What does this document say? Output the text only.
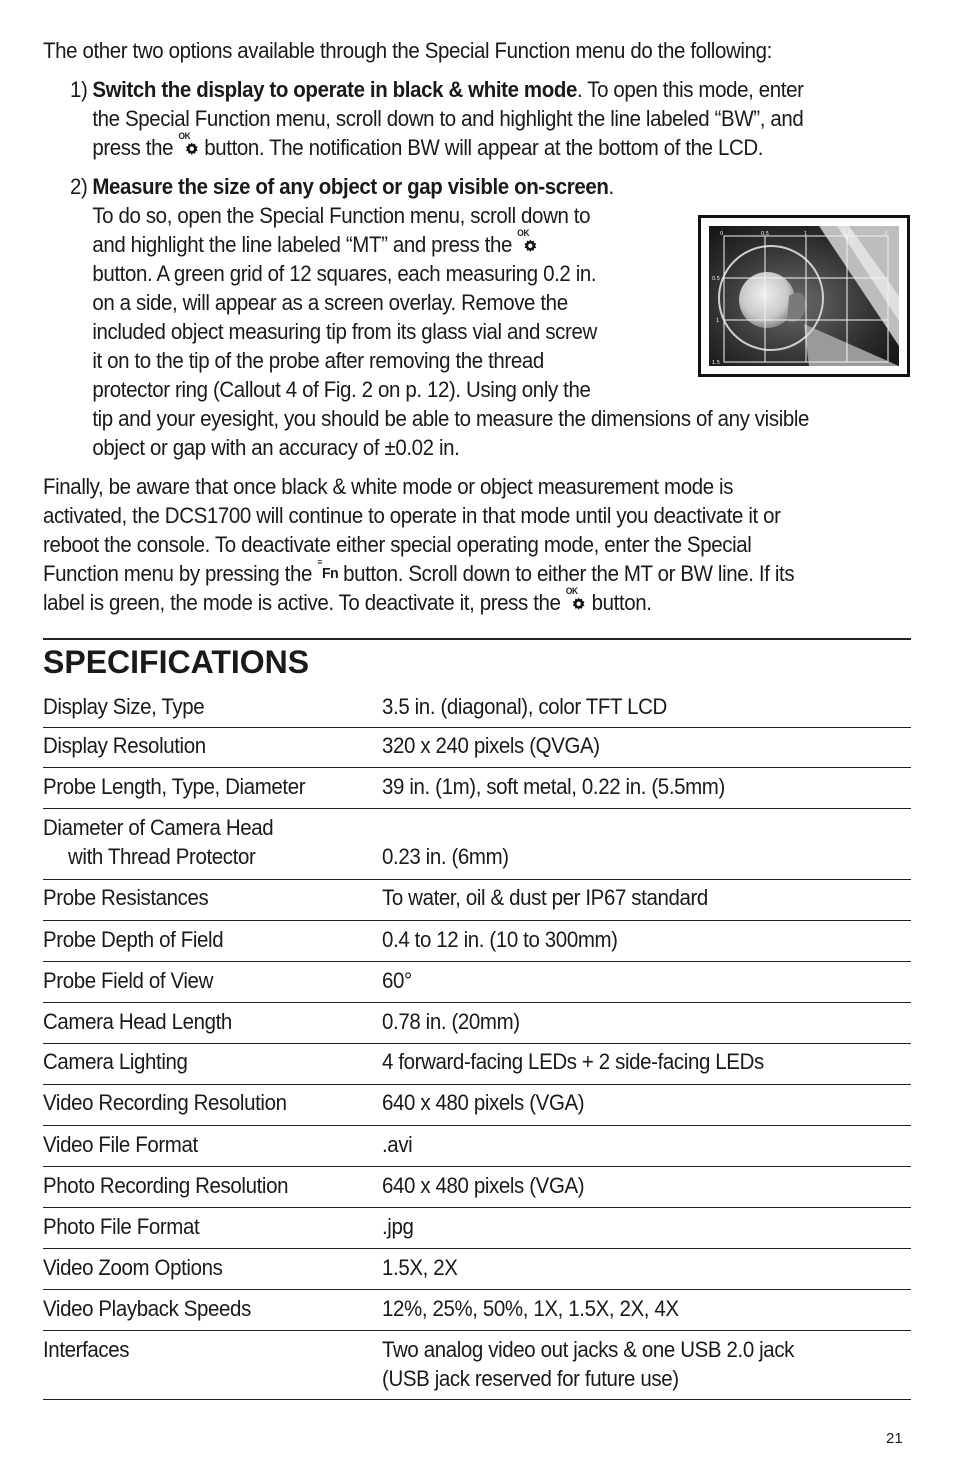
The other two options available through the Special Function menu do the following:
1) Switch the display to operate in black & white mode. To open this mode, enter
the Special Function menu, scroll down to and highlight the line labeled “BW”, and
press the OK button. The notification BW will appear at the bottom of the LCD.
2) Measure the size of any object or gap visible on-screen.
To do so, open the Special Function menu, scroll down to
and highlight the line labeled “MT” and press the OK
button. A green grid of 12 squares, each measuring 0.2 in.
on a side, will appear as a screen overlay. Remove the
included object measuring tip from its glass vial and screw
it on to the tip of the probe after removing the thread
protector ring (Callout 4 of Fig. 2 on p. 12). Using only the
tip and your eyesight, you should be able to measure the dimensions of any visible
object or gap with an accuracy of ±0.02 in.
Finally, be aware that once black & white mode or object measurement mode is
activated, the DCS1700 will continue to operate in that mode until you deactivate it or
reboot the console. To deactivate either special operating mode, enter the Special
Function menu by pressing the ≡
Fn button. Scroll down to either the MT or BW line. If its
label is green, the mode is active. To deactivate it, press the OK button.
0	0.5	1	1.5	2
0.5
1
1.5
SPECIFICATIONS
Display Size, Type	3.5 in. (diagonal), color TFT LCD
Display Resolution	320 x 240 pixels (QVGA)
Probe Length, Type, Diameter	39 in. (1m), soft metal, 0.22 in. (5.5mm)
Diameter of Camera Head
with Thread Protector	0.23 in. (6mm)
Probe Resistances	To water, oil & dust per IP67 standard
Probe Depth of Field	0.4 to 12 in. (10 to 300mm)
Probe Field of View	60°
Camera Head Length	0.78 in. (20mm)
Camera Lighting	4 forward-facing LEDs + 2 side-facing LEDs
Video Recording Resolution	640 x 480 pixels (VGA)
Video File Format	.avi
Photo Recording Resolution	640 x 480 pixels (VGA)
Photo File Format	.jpg
Video Zoom Options	1.5X, 2X
Video Playback Speeds	12%, 25%, 50%, 1X, 1.5X, 2X, 4X
Interfaces	Two analog video out jacks & one USB 2.0 jack
(USB jack reserved for future use)
21
